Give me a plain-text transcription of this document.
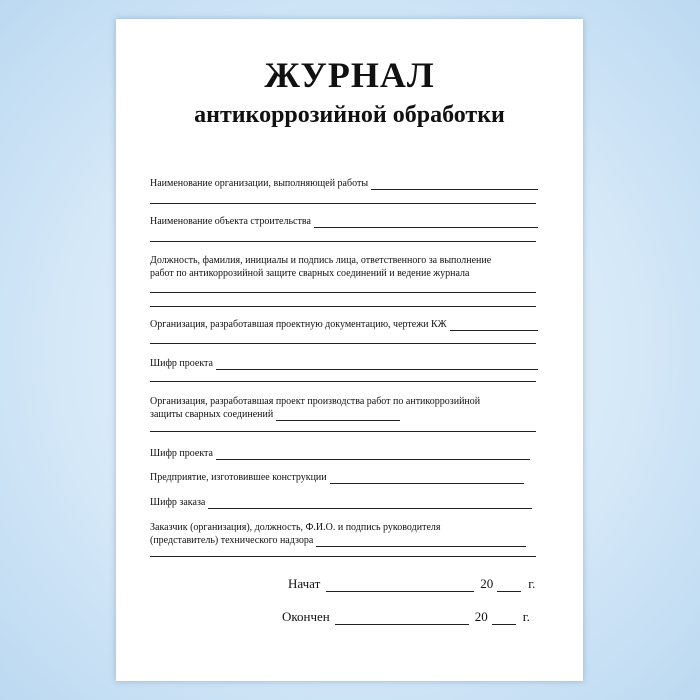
ЖУРНАЛ
антикоррозийной обработки
Наименование организации, выполняющей работы
Наименование объекта строительства
Должность, фамилия, инициалы и подпись лица, ответственного за выполнение
работ по антикоррозийной защите сварных соединений и ведение журнала
Организация, разработавшая проектную документацию, чертежи КЖ
Шифр проекта
Организация, разработавшая проект производства работ по антикоррозийной
защиты сварных соединений
Шифр проекта
Предприятие, изготовившее конструкции
Шифр заказа
Заказчик (организация), должность, Ф.И.О. и подпись руководителя
(представитель) технического надзора
Начат	20	г.
Окончен	20	г.
